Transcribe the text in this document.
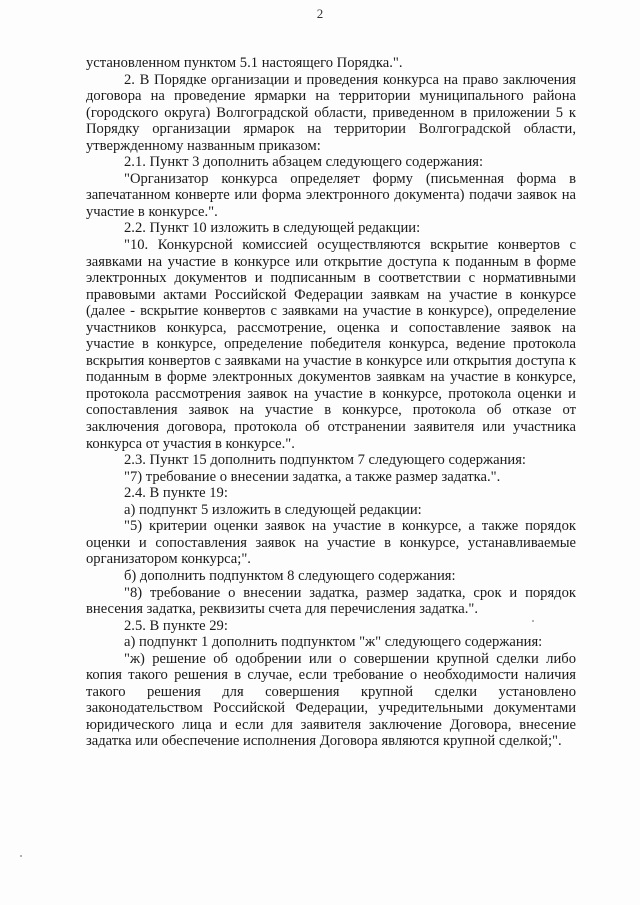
2

установленном пунктом 5.1 настоящего Порядка.".

2. В Порядке организации и проведения конкурса на право заключения договора на проведение ярмарки на территории муниципального района (городского округа) Волгоградской области, приведенном в приложении 5 к Порядку организации ярмарок на территории Волгоградской области, утвержденному названным приказом:

2.1. Пункт 3 дополнить абзацем следующего содержания:

"Организатор конкурса определяет форму (письменная форма в запечатанном конверте или форма электронного документа) подачи заявок на участие в конкурсе.".

2.2. Пункт 10 изложить в следующей редакции:

"10. Конкурсной комиссией осуществляются вскрытие конвертов с заявками на участие в конкурсе или открытие доступа к поданным в форме электронных документов и подписанным в соответствии с нормативными правовыми актами Российской Федерации заявкам на участие в конкурсе (далее - вскрытие конвертов с заявками на участие в конкурсе), определение участников конкурса, рассмотрение, оценка и сопоставление заявок на участие в конкурсе, определение победителя конкурса, ведение протокола вскрытия конвертов с заявками на участие в конкурсе или открытия доступа к поданным в форме электронных документов заявкам на участие в конкурсе, протокола рассмотрения заявок на участие в конкурсе, протокола оценки и сопоставления заявок на участие в конкурсе, протокола об отказе от заключения договора, протокола об отстранении заявителя или участника конкурса от участия в конкурсе.".

2.3. Пункт 15 дополнить подпунктом 7 следующего содержания:

"7) требование о внесении задатка, а также размер задатка.".

2.4. В пункте 19:

а) подпункт 5 изложить в следующей редакции:

"5) критерии оценки заявок на участие в конкурсе, а также порядок оценки и сопоставления заявок на участие в конкурсе, устанавливаемые организатором конкурса;".

б) дополнить подпунктом 8 следующего содержания:

"8) требование о внесении задатка, размер задатка, срок и порядок внесения задатка, реквизиты счета для перечисления задатка.".

2.5. В пункте 29:

а) подпункт 1 дополнить подпунктом "ж" следующего содержания:

"ж) решение об одобрении или о совершении крупной сделки либо копия такого решения в случае, если требование о необходимости наличия такого решения для совершения крупной сделки установлено законодательством Российской Федерации, учредительными документами юридического лица и если для заявителя заключение Договора, внесение задатка или обеспечение исполнения Договора являются крупной сделкой;".
